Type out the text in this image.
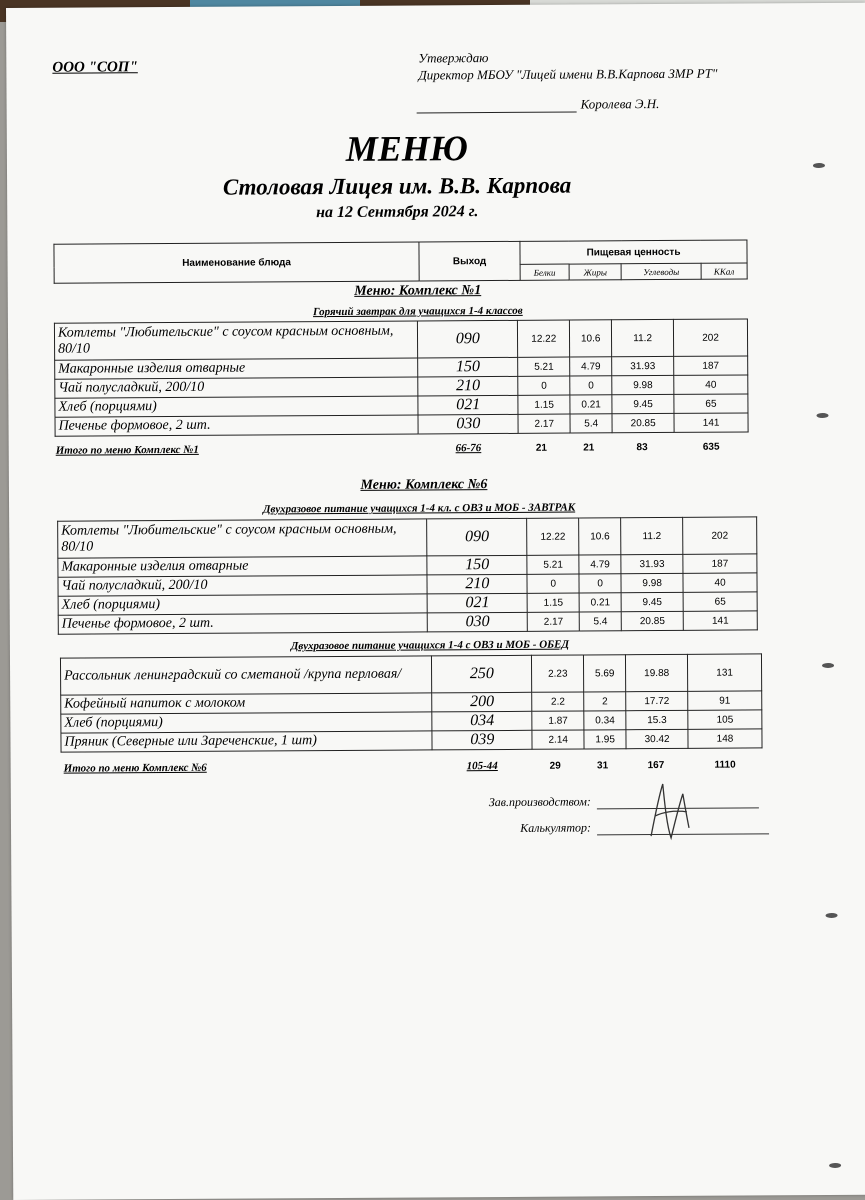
ООО "СОП"
Утверждаю
Директор МБОУ "Лицей имени В.В.Карпова ЗМР РТ"
Королева Э.Н.
МЕНЮ
Столовая Лицея им. В.В. Карпова
на 12 Сентября 2024 г.
Наименование блюда	Выход	Пищевая ценность			
		Белки	Жиры	Углеводы	ККал
Меню: Комплекс №1
Горячий завтрак для учащихся 1-4 классов
Котлеты "Любительские" с соусом красным основным, 80/10	090	12.22	10.6	11.2	202
Макаронные изделия отварные	150	5.21	4.79	31.93	187
Чай полусладкий, 200/10	210	0	0	9.98	40
Хлеб (порциями)	021	1.15	0.21	9.45	65
Печенье формовое, 2 шт.	030	2.17	5.4	20.85	141
Итого по меню Комплекс №1	66-76	21	21	83	635
Меню: Комплекс №6
Двухразовое питание учащихся 1-4 кл. с ОВЗ и МОБ - ЗАВТРАК
Котлеты "Любительские" с соусом красным основным, 80/10	090	12.22	10.6	11.2	202
Макаронные изделия отварные	150	5.21	4.79	31.93	187
Чай полусладкий, 200/10	210	0	0	9.98	40
Хлеб (порциями)	021	1.15	0.21	9.45	65
Печенье формовое, 2 шт.	030	2.17	5.4	20.85	141
Двухразовое питание учащихся 1-4 с ОВЗ и МОБ - ОБЕД
Рассольник ленинградский со сметаной /крупа перловая/	250	2.23	5.69	19.88	131
Кофейный напиток с молоком	200	2.2	2	17.72	91
Хлеб (порциями)	034	1.87	0.34	15.3	105
Пряник (Северные или Зареченские, 1 шт)	039	2.14	1.95	30.42	148
Итого по меню Комплекс №6	105-44	29	31	167	1110
Зав.производством:
Калькулятор:
